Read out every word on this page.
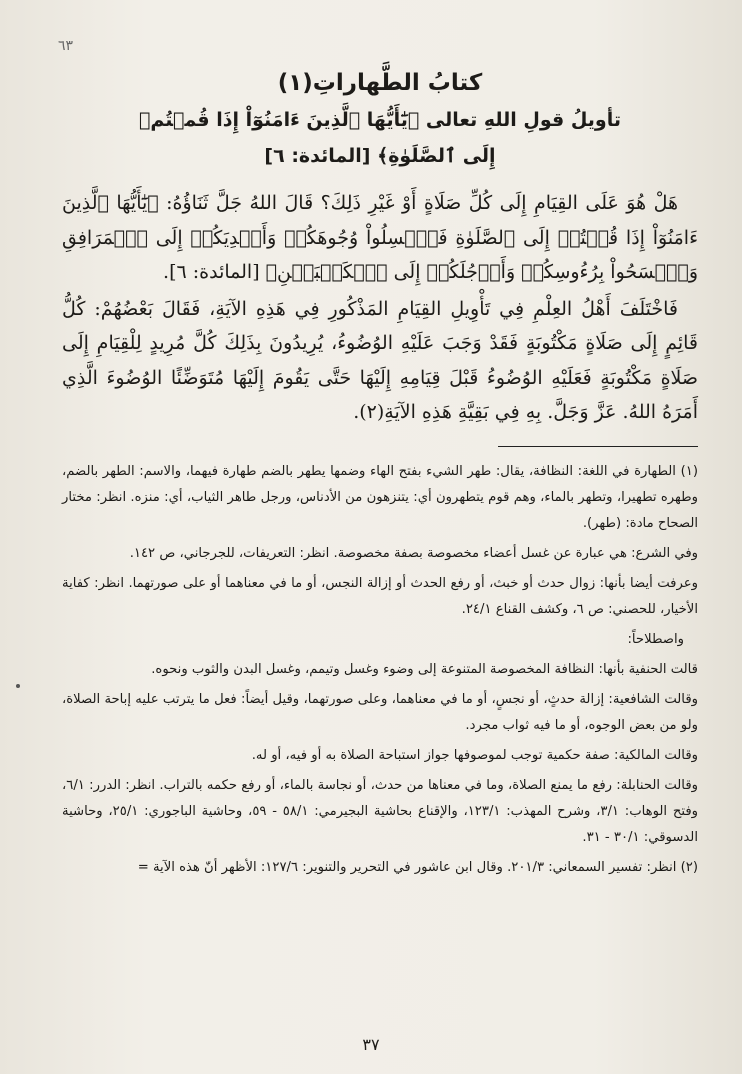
٦٣
كتابُ الطَّهاراتِ(١)
تأويلُ قولِ اللهِ تعالى ﴿يَٰٓأَيُّهَا ٱلَّذِينَ ءَامَنُوٓاْ إِذَا قُمۡتُمۡ
إِلَى ٱلصَّلَوٰةِ﴾ [المائدة: ٦]

هَلْ هُوَ عَلَى القِيَامِ إِلَى كُلِّ صَلَاةٍ أَوْ غَيْرِ ذَلِكَ؟ قَالَ اللهُ جَلَّ ثَنَاؤُهُ: ﴿يَٰٓأَيُّهَا ٱلَّذِينَ ءَامَنُوٓاْ إِذَا قُمۡتُمۡ إِلَى ٱلصَّلَوٰةِ فَٱغۡسِلُواْ وُجُوهَكُمۡ وَأَيۡدِيَكُمۡ إِلَى ٱلۡمَرَافِقِ وَٱمۡسَحُواْ بِرُءُوسِكُمۡ وَأَرۡجُلَكُمۡ إِلَى ٱلۡكَعۡبَيۡنِ﴾ [المائدة: ٦].

فَاخْتَلَفَ أَهْلُ العِلْمِ فِي تَأْوِيلِ القِيَامِ المَذْكُورِ فِي هَذِهِ الآيَةِ، فَقَالَ بَعْضُهُمْ: كُلُّ قَائِمٍ إِلَى صَلَاةٍ مَكْتُوبَةٍ فَقَدْ وَجَبَ عَلَيْهِ الوُضُوءُ، يُرِيدُونَ بِذَلِكَ كُلَّ مُرِيدٍ لِلْقِيَامِ إِلَى صَلَاةٍ مَكْتُوبَةٍ فَعَلَيْهِ الوُضُوءُ قَبْلَ قِيَامِهِ إِلَيْهَا حَتَّى يَقُومَ إِلَيْهَا مُتَوَضِّئًا الوُضُوءَ الَّذِي أَمَرَهُ اللهُ. عَزَّ وَجَلَّ. بِهِ فِي بَقِيَّةِ هَذِهِ الآيَةِ(٢).

(١) الطهارة في اللغة: النظافة، يقال: طهر الشيء بفتح الهاء وضمها يطهر بالضم طهارة فيهما، والاسم: الطهر بالضم، وطهره تطهيرا، وتطهر بالماء، وهم قوم يتطهرون أي: يتنزهون من الأدناس، ورجل طاهر الثياب، أي: منزه. انظر: مختار الصحاح مادة: (طهر).

وفي الشرع: هي عبارة عن غسل أعضاء مخصوصة بصفة مخصوصة. انظر: التعريفات، للجرجاني، ص ١٤٢.

وعرفت أيضا بأنها: زوال حدث أو خبث، أو رفع الحدث أو إزالة النجس، أو ما في معناهما أو على صورتهما. انظر: كفاية الأخيار، للحصني: ص ٦، وكشف القناع ٢٤/١.

واصطلاحاً:

قالت الحنفية بأنها: النظافة المخصوصة المتنوعة إلى وضوء وغسل وتيمم، وغسل البدن والثوب ونحوه.

وقالت الشافعية: إزالة حدثٍ، أو نجسٍ، أو ما في معناهما، وعلى صورتهما، وقيل أيضاً: فعل ما يترتب عليه إباحة الصلاة، ولو من بعض الوجوه، أو ما فيه ثواب مجرد.

وقالت المالكية: صفة حكمية توجب لموصوفها جواز استباحة الصلاة به أو فيه، أو له.

وقالت الحنابلة: رفع ما يمنع الصلاة، وما في معناها من حدث، أو نجاسة بالماء، أو رفع حكمه بالتراب. انظر: الدرر: ٦/١، وفتح الوهاب: ٣/١، وشرح المهذب: ١٢٣/١، والإقناع بحاشية البجيرمي: ٥٨/١ - ٥٩، وحاشية الباجوري: ٢٥/١، وحاشية الدسوقي: ٣٠/١ - ٣١.

(٢) انظر: تفسير السمعاني: ٢٠١/٣. وقال ابن عاشور في التحرير والتنوير: ١٢٧/٦: الأظهر أنّ هذه الآية =

٣٧
